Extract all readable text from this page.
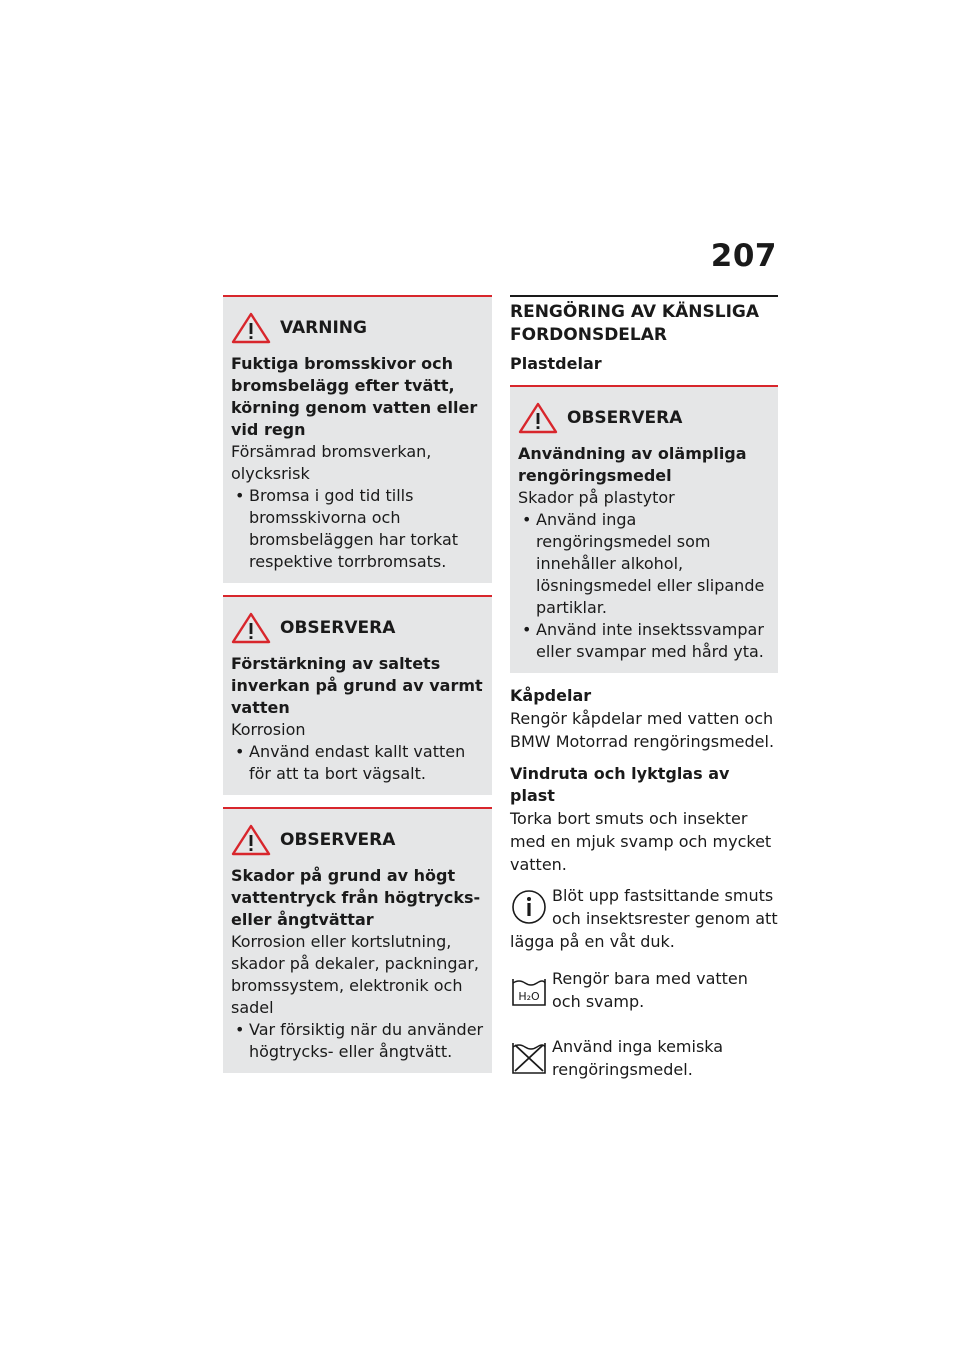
207
VARNING
Fuktiga bromsskivor och bromsbelägg efter tvätt, körning genom vatten eller vid regn
Försämrad bromsverkan, olycksrisk
• Bromsa i god tid tills bromsskivorna och bromsbeläggen har torkat respektive torrbromsats.
OBSERVERA
Förstärkning av saltets inverkan på grund av varmt vatten
Korrosion
• Använd endast kallt vatten för att ta bort vägsalt.
OBSERVERA
Skador på grund av högt vattentryck från högtrycks- eller ångtvättar
Korrosion eller kortslutning, skador på dekaler, packningar, bromssystem, elektronik och sadel
• Var försiktig när du använder högtrycks- eller ångtvätt.
RENGÖRING AV KÄNSLIGA FORDONSDELAR
Plastdelar
OBSERVERA
Användning av olämpliga rengöringsmedel
Skador på plastytor
• Använd inga rengöringsmedel som innehåller alkohol, lösningsmedel eller slipande partiklar.
• Använd inte insektssvampar eller svampar med hård yta.
Kåpdelar
Rengör kåpdelar med vatten och BMW Motorrad rengöringsmedel.
Vindruta och lyktglas av plast
Torka bort smuts och insekter med en mjuk svamp och mycket vatten.
Blöt upp fastsittande smuts och insektsrester genom att lägga på en våt duk.
H₂O
Rengör bara med vatten och svamp.
Använd inga kemiska rengöringsmedel.
